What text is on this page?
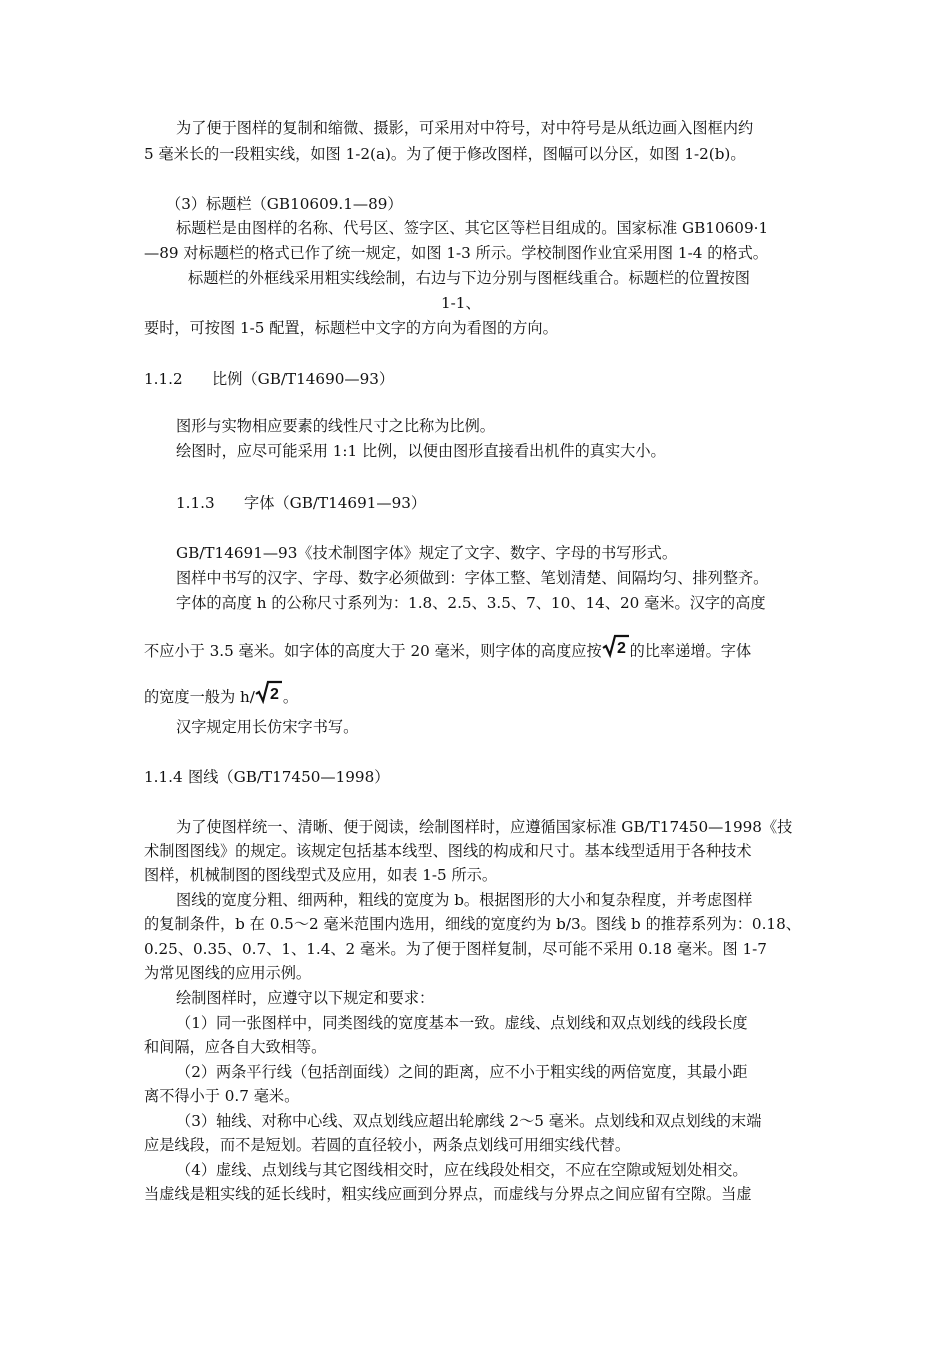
为了便于图样的复制和缩微、摄影，可采用对中符号，对中符号是从纸边画入图框内约
5 毫米长的一段粗实线，如图 1-2(a)。为了便于修改图样，图幅可以分区，如图 1-2(b)。
（3）标题栏（GB10609.1—89）
标题栏是由图样的名称、代号区、签字区、其它区等栏目组成的。国家标准 GB10609·1
—89 对标题栏的格式已作了统一规定，如图 1-3 所示。学校制图作业宜采用图 1-4 的格式。
标题栏的外框线采用粗实线绘制，右边与下边分别与图框线重合。标题栏的位置按图
1-1、
要时，可按图 1-5 配置，标题栏中文字的方向为看图的方向。
1.1.2 比例（GB/T14690—93）
图形与实物相应要素的线性尺寸之比称为比例。
绘图时，应尽可能采用 1:1 比例，以便由图形直接看出机件的真实大小。
1.1.3 字体（GB/T14691—93）
GB/T14691—93《技术制图字体》规定了文字、数字、字母的书写形式。
图样中书写的汉字、字母、数字必须做到：字体工整、笔划清楚、间隔均匀、排列整齐。
字体的高度 h 的公称尺寸系列为：1.8、2.5、3.5、7、10、14、20 毫米。汉字的高度
不应小于 3.5 毫米。如字体的高度大于 20 毫米，则字体的高度应按 2 的比率递增。字体
的宽度一般为 h/ 2 。
汉字规定用长仿宋字书写。
1.1.4 图线（GB/T17450—1998）
为了使图样统一、清晰、便于阅读，绘制图样时，应遵循国家标准 GB/T17450—1998《技
术制图图线》的规定。该规定包括基本线型、图线的构成和尺寸。基本线型适用于各种技术
图样，机械制图的图线型式及应用，如表 1-5 所示。
图线的宽度分粗、细两种，粗线的宽度为 b。根据图形的大小和复杂程度，并考虑图样
的复制条件，b 在 0.5～2 毫米范围内选用，细线的宽度约为 b/3。图线 b 的推荐系列为：0.18、
0.25、0.35、0.7、1、1.4、2 毫米。为了便于图样复制，尽可能不采用 0.18 毫米。图 1-7
为常见图线的应用示例。
绘制图样时，应遵守以下规定和要求：
（1）同一张图样中，同类图线的宽度基本一致。虚线、点划线和双点划线的线段长度
和间隔，应各自大致相等。
（2）两条平行线（包括剖面线）之间的距离，应不小于粗实线的两倍宽度，其最小距
离不得小于 0.7 毫米。
（3）轴线、对称中心线、双点划线应超出轮廓线 2～5 毫米。点划线和双点划线的末端
应是线段，而不是短划。若圆的直径较小，两条点划线可用细实线代替。
（4）虚线、点划线与其它图线相交时，应在线段处相交，不应在空隙或短划处相交。
当虚线是粗实线的延长线时，粗实线应画到分界点，而虚线与分界点之间应留有空隙。当虚
